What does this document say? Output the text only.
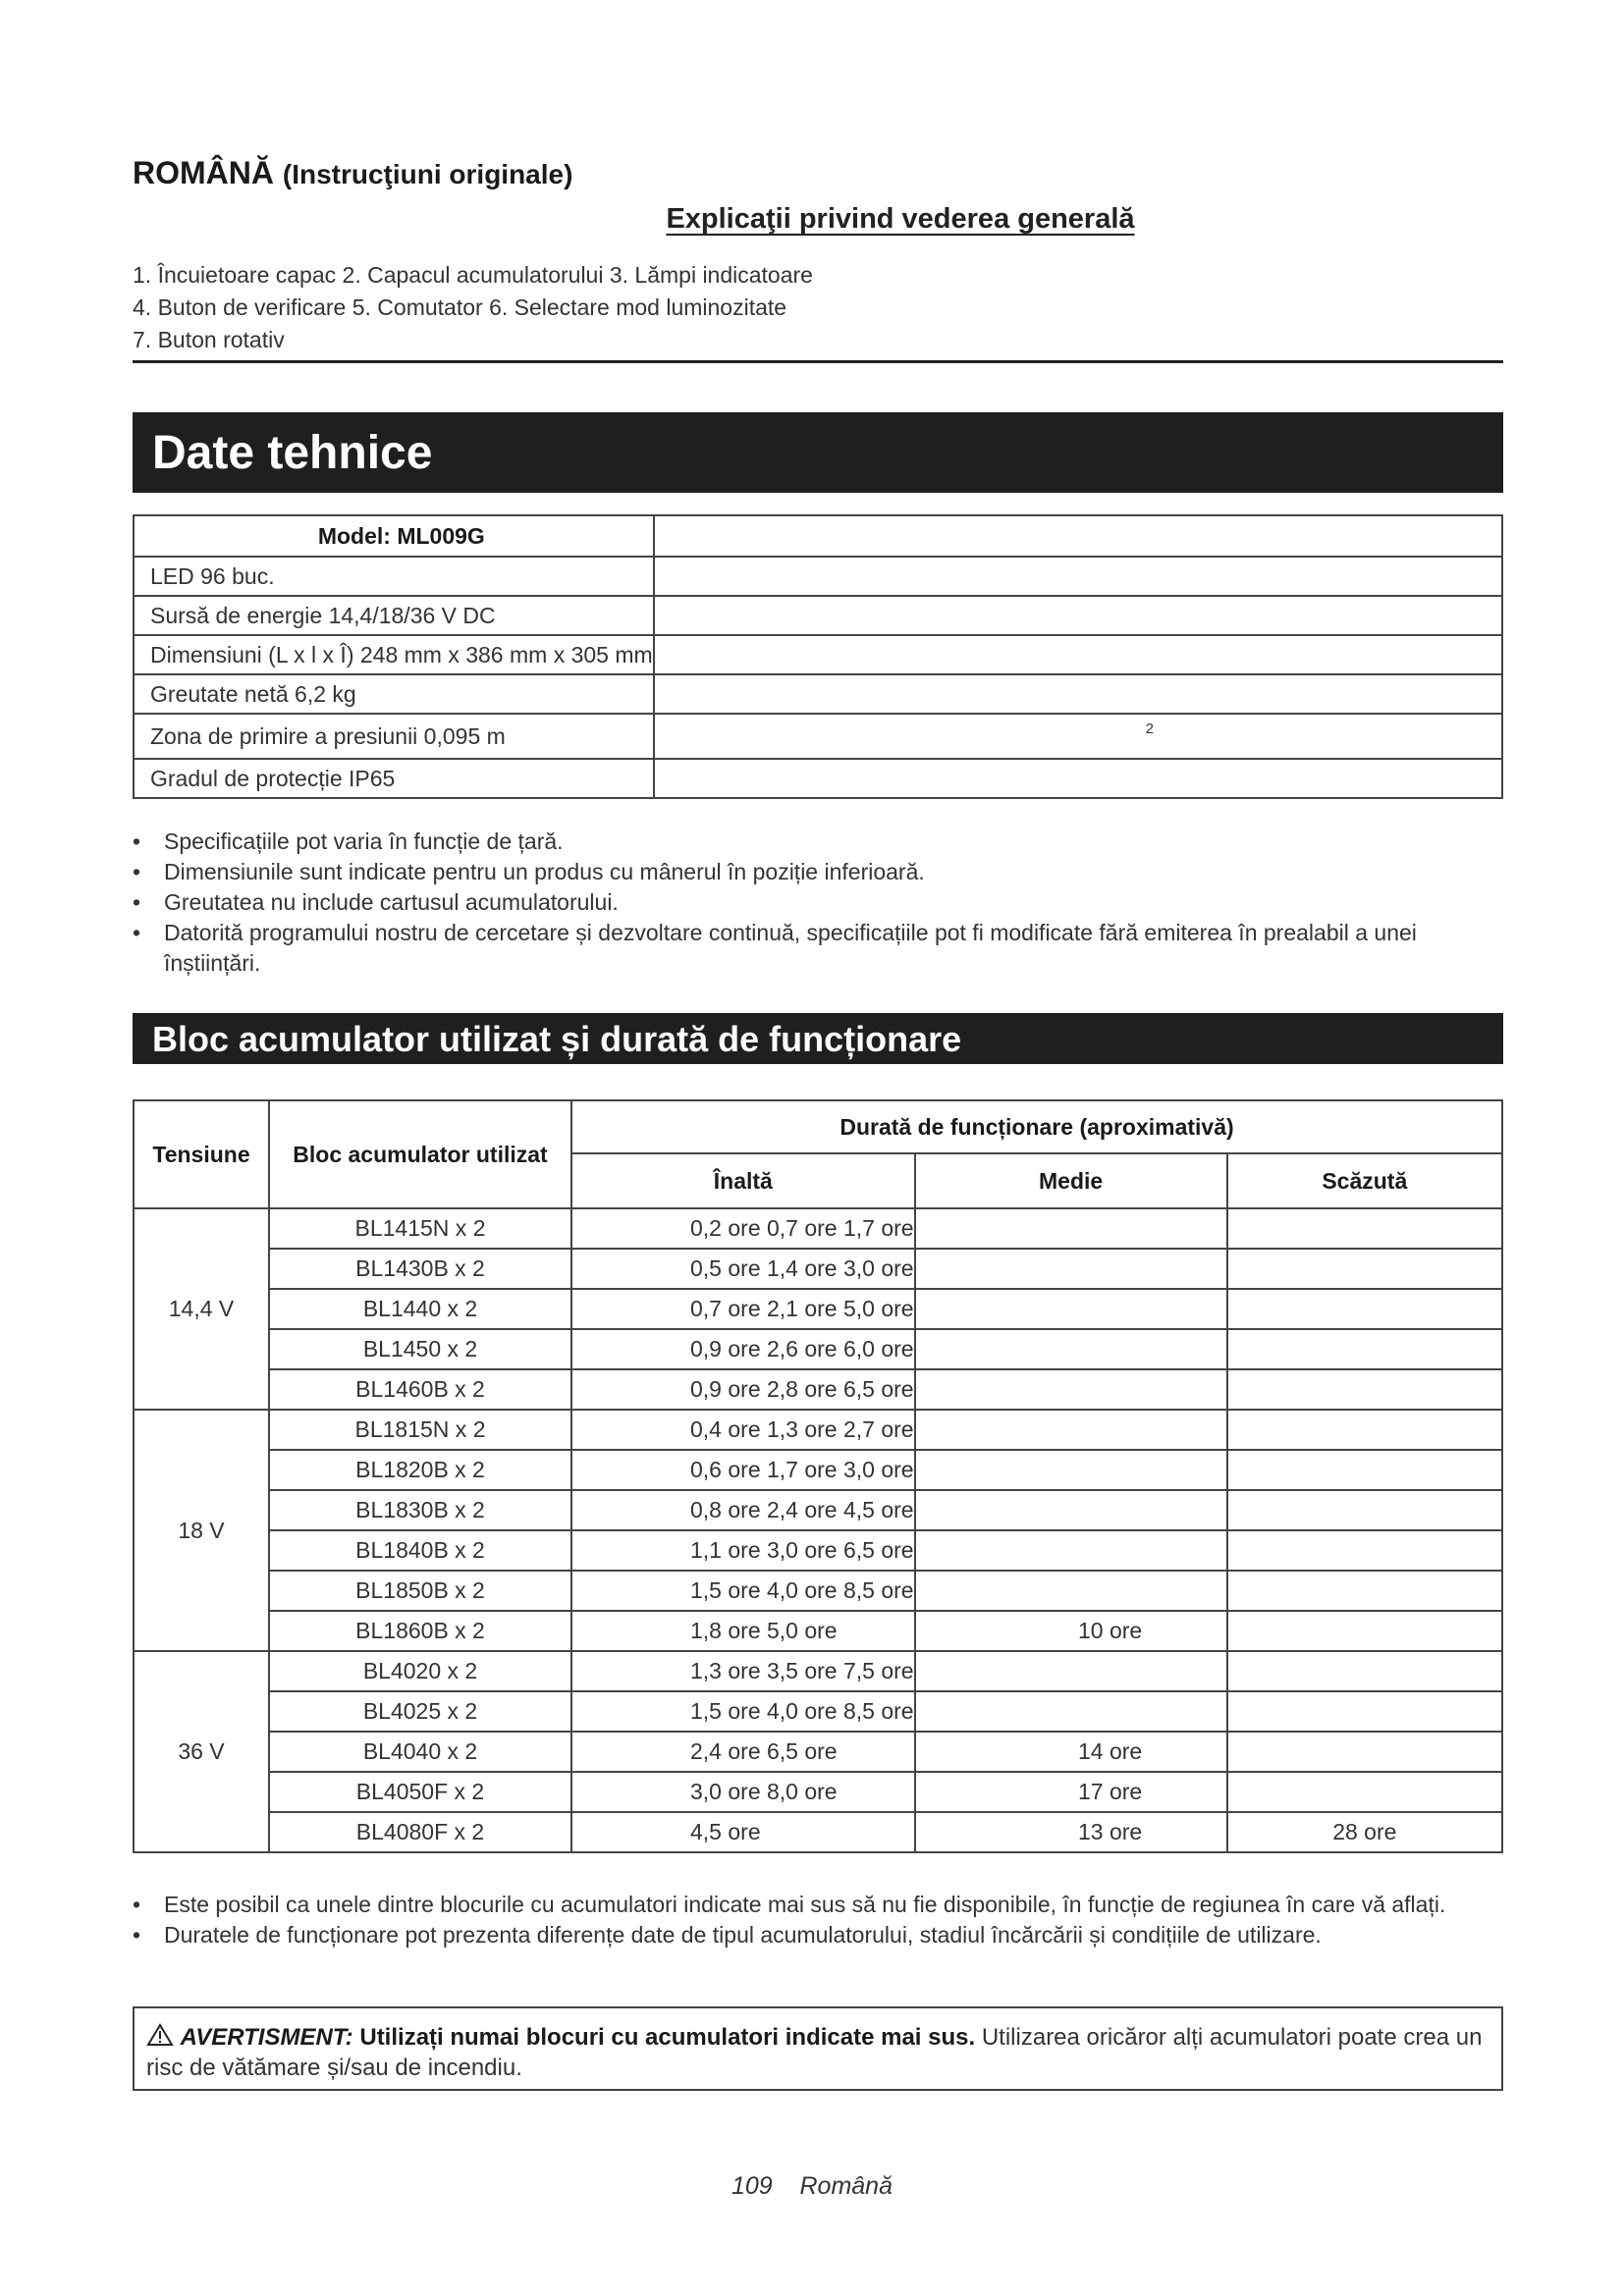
ROMÂNĂ (Instrucţiuni originale)
Explicaţii privind vederea generală
1. Încuietoare capac 2. Capacul acumulatorului 3. Lămpi indicatoare
4. Buton de verificare 5. Comutator 6. Selectare mod luminozitate
7. Buton rotativ
Date tehnice
Model: ML009G	
LED 96 buc.	
Sursă de energie 14,4/18/36 V DC	
Dimensiuni (L x l x Î) 248 mm x 386 mm x 305 mm	
Greutate netă 6,2 kg	
Zona de primire a presiunii 0,095 m	2
Gradul de protecție IP65	
• Specificațiile pot varia în funcție de țară.
• Dimensiunile sunt indicate pentru un produs cu mânerul în poziție inferioară.
• Greutatea nu include cartusul acumulatorului.
• Datorită programului nostru de cercetare și dezvoltare continuă, specificațiile pot fi modificate fără emiterea în prealabil a unei înștiințări.
Bloc acumulator utilizat și durată de funcționare
Tensiune	Bloc acumulator utilizat	Durată de funcționare (aproximativă)		
		Înaltă	Medie	Scăzută
14,4 V	BL1415N x 2	0,2 ore 0,7 ore 1,7 ore		
	BL1430B x 2	0,5 ore 1,4 ore 3,0 ore		
	BL1440 x 2	0,7 ore 2,1 ore 5,0 ore		
	BL1450 x 2	0,9 ore 2,6 ore 6,0 ore		
	BL1460B x 2	0,9 ore 2,8 ore 6,5 ore		
18 V	BL1815N x 2	0,4 ore 1,3 ore 2,7 ore		
	BL1820B x 2	0,6 ore 1,7 ore 3,0 ore		
	BL1830B x 2	0,8 ore 2,4 ore 4,5 ore		
	BL1840B x 2	1,1 ore 3,0 ore 6,5 ore		
	BL1850B x 2	1,5 ore 4,0 ore 8,5 ore		
	BL1860B x 2	1,8 ore 5,0 ore	10 ore	
36 V	BL4020 x 2	1,3 ore 3,5 ore 7,5 ore		
	BL4025 x 2	1,5 ore 4,0 ore 8,5 ore		
	BL4040 x 2	2,4 ore 6,5 ore	14 ore	
	BL4050F x 2	3,0 ore 8,0 ore	17 ore	
	BL4080F x 2	4,5 ore	13 ore	28 ore
• Este posibil ca unele dintre blocurile cu acumulatori indicate mai sus să nu fie disponibile, în funcție de regiunea în care vă aflați.
• Duratele de funcționare pot prezenta diferențe date de tipul acumulatorului, stadiul încărcării și condițiile de utilizare.
AVERTISMENT: Utilizați numai blocuri cu acumulatori indicate mai sus. Utilizarea oricăror alți acumulatori poate crea un risc de vătămare și/sau de incendiu.
109 Română
